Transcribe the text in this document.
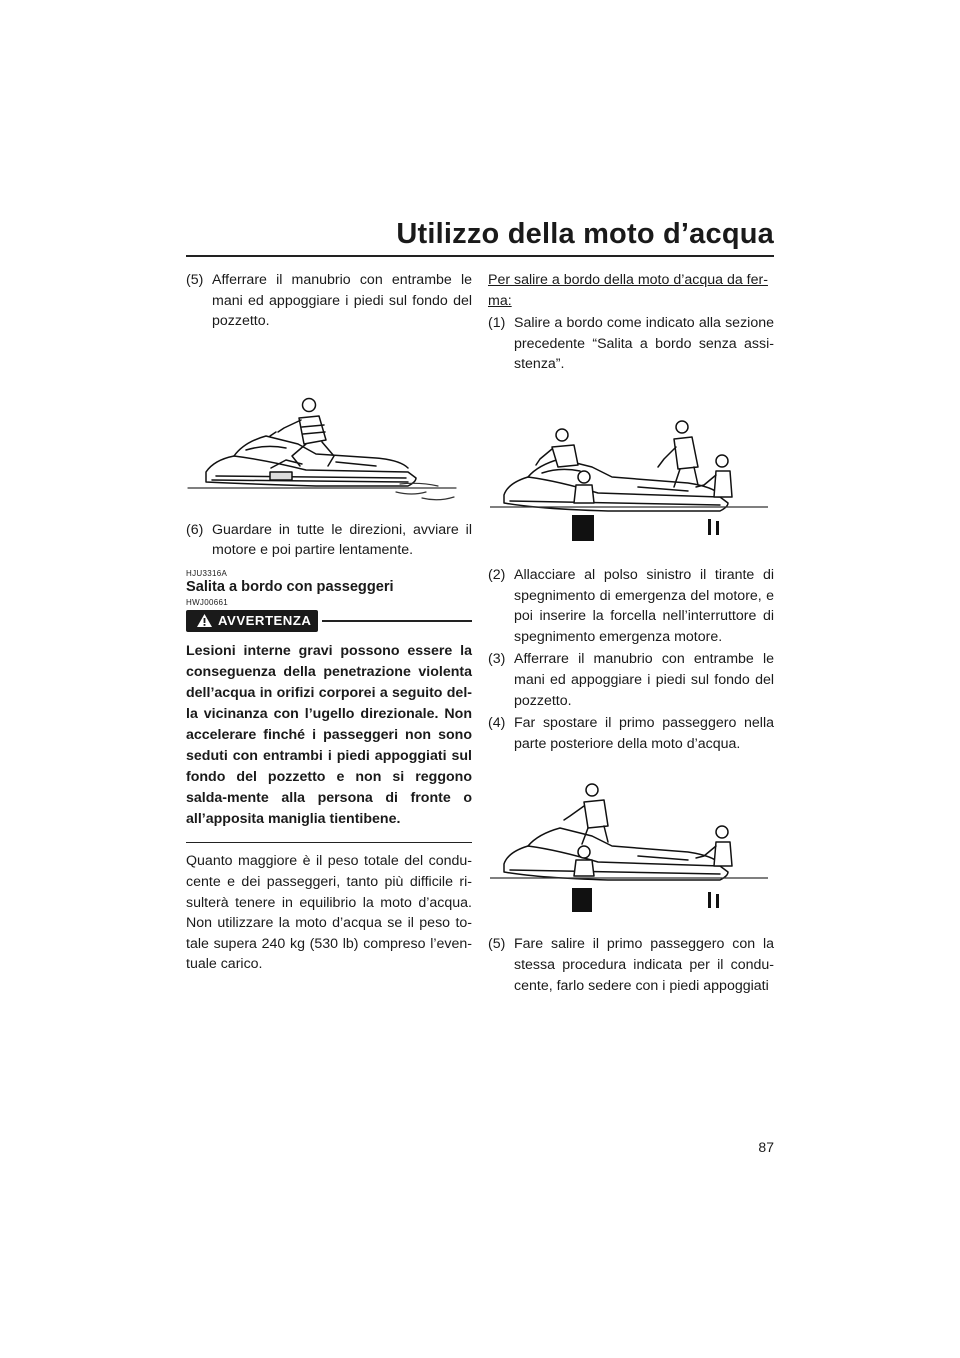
Utilizzo della moto d’acqua
(5) Afferrare il manubrio con entrambe le mani ed appoggiare i piedi sul fondo del pozzetto.
(6) Guardare in tutte le direzioni, avviare il motore e poi partire lentamente.
HJU3316A
Salita a bordo con passeggeri
HWJ00661
AVVERTENZA
Lesioni interne gravi possono essere la conseguenza della penetrazione violenta dell’acqua in orifizi corporei a seguito del-la vicinanza con l’ugello direzionale. Non accelerare finché i passeggeri non sono seduti con entrambi i piedi appoggiati sul fondo del pozzetto e non si reggono salda-mente alla persona di fronte o all’apposita maniglia tientibene.
Quanto maggiore è il peso totale del condu-cente e dei passeggeri, tanto più difficile ri-sulterà tenere in equilibrio la moto d’acqua. Non utilizzare la moto d’acqua se il peso to-tale supera 240 kg (530 lb) compreso l’even-tuale carico.
Per salire a bordo della moto d’acqua da fer-ma:
(1) Salire a bordo come indicato alla sezione precedente “Salita a bordo senza assi-stenza”.
(2) Allacciare al polso sinistro il tirante di spegnimento di emergenza del motore, e poi inserire la forcella nell’interruttore di spegnimento emergenza motore.
(3) Afferrare il manubrio con entrambe le mani ed appoggiare i piedi sul fondo del pozzetto.
(4) Far spostare il primo passeggero nella parte posteriore della moto d’acqua.
(5) Fare salire il primo passeggero con la stessa procedura indicata per il condu-cente, farlo sedere con i piedi appoggiati
87
